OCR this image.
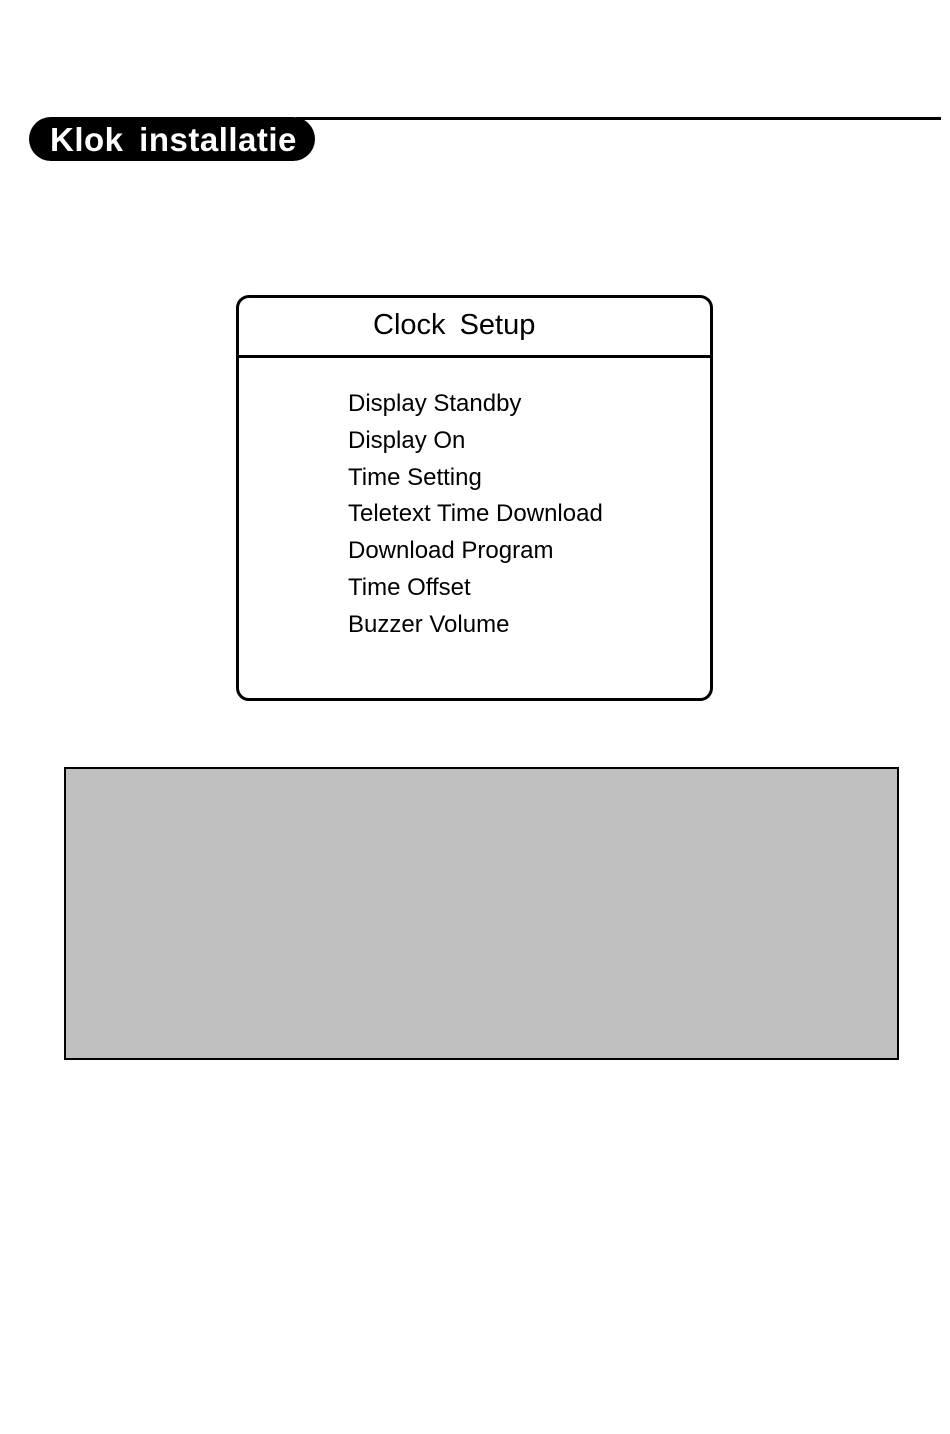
Klok installatie
Clock Setup
Display Standby
Display On
Time Setting
Teletext Time Download
Download Program
Time Offset
Buzzer Volume
